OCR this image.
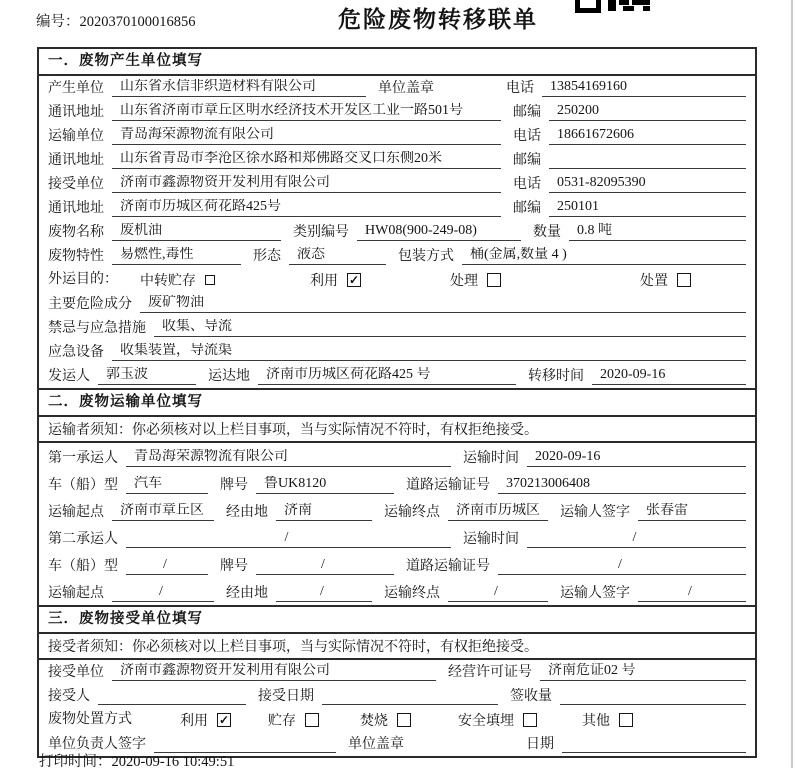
编号：2020370100016856	危险废物转移联单
一．废物产生单位填写
产生单位	山东省永信非织造材料有限公司	单位盖章	电话	13854169160
通讯地址	山东省济南市章丘区明水经济技术开发区工业一路501号	邮编	250200
运输单位	青岛海荣源物流有限公司	电话	18661672606
通讯地址	山东省青岛市李沧区徐水路和郑佛路交叉口东侧20米	邮编
接受单位	济南市鑫源物资开发利用有限公司	电话	0531-82095390
通讯地址	济南市历城区荷花路425号	邮编	250101
废物名称	废机油	类别编号	HW08(900-249-08)	数量	0.8 吨
废物特性	易燃性,毒性	形态	液态	包装方式	桶(金属,数量 4 )
外运目的：	中转贮存	利用 ✓	处理	处置
主要危险成分	废矿物油
禁忌与应急措施	收集、导流
应急设备	收集装置，导流渠
发运人	郭玉波	运达地	济南市历城区荷花路425 号	转移时间	2020-09-16
二．废物运输单位填写
运输者须知：你必须核对以上栏目事项，当与实际情况不符时，有权拒绝接受。
第一承运人	青岛海荣源物流有限公司	运输时间	2020-09-16
车（船）型	汽车	牌号	鲁UK8120	道路运输证号	370213006408
运输起点	济南市章丘区	经由地	济南	运输终点	济南市历城区	运输人签字	张春雷
第二承运人	/	运输时间	/
车（船）型	/	牌号	/	道路运输证号	/
运输起点	/	经由地	/	运输终点	/	运输人签字	/
三．废物接受单位填写
接受者须知：你必须核对以上栏目事项，当与实际情况不符时，有权拒绝接受。
接受单位	济南市鑫源物资开发利用有限公司	经营许可证号	济南危证02 号
接受人	接受日期	签收量
废物处置方式	利用 ✓	贮存	焚烧	安全填埋	其他
单位负责人签字	单位盖章	日期
打印时间：2020-09-16 10:49:51
